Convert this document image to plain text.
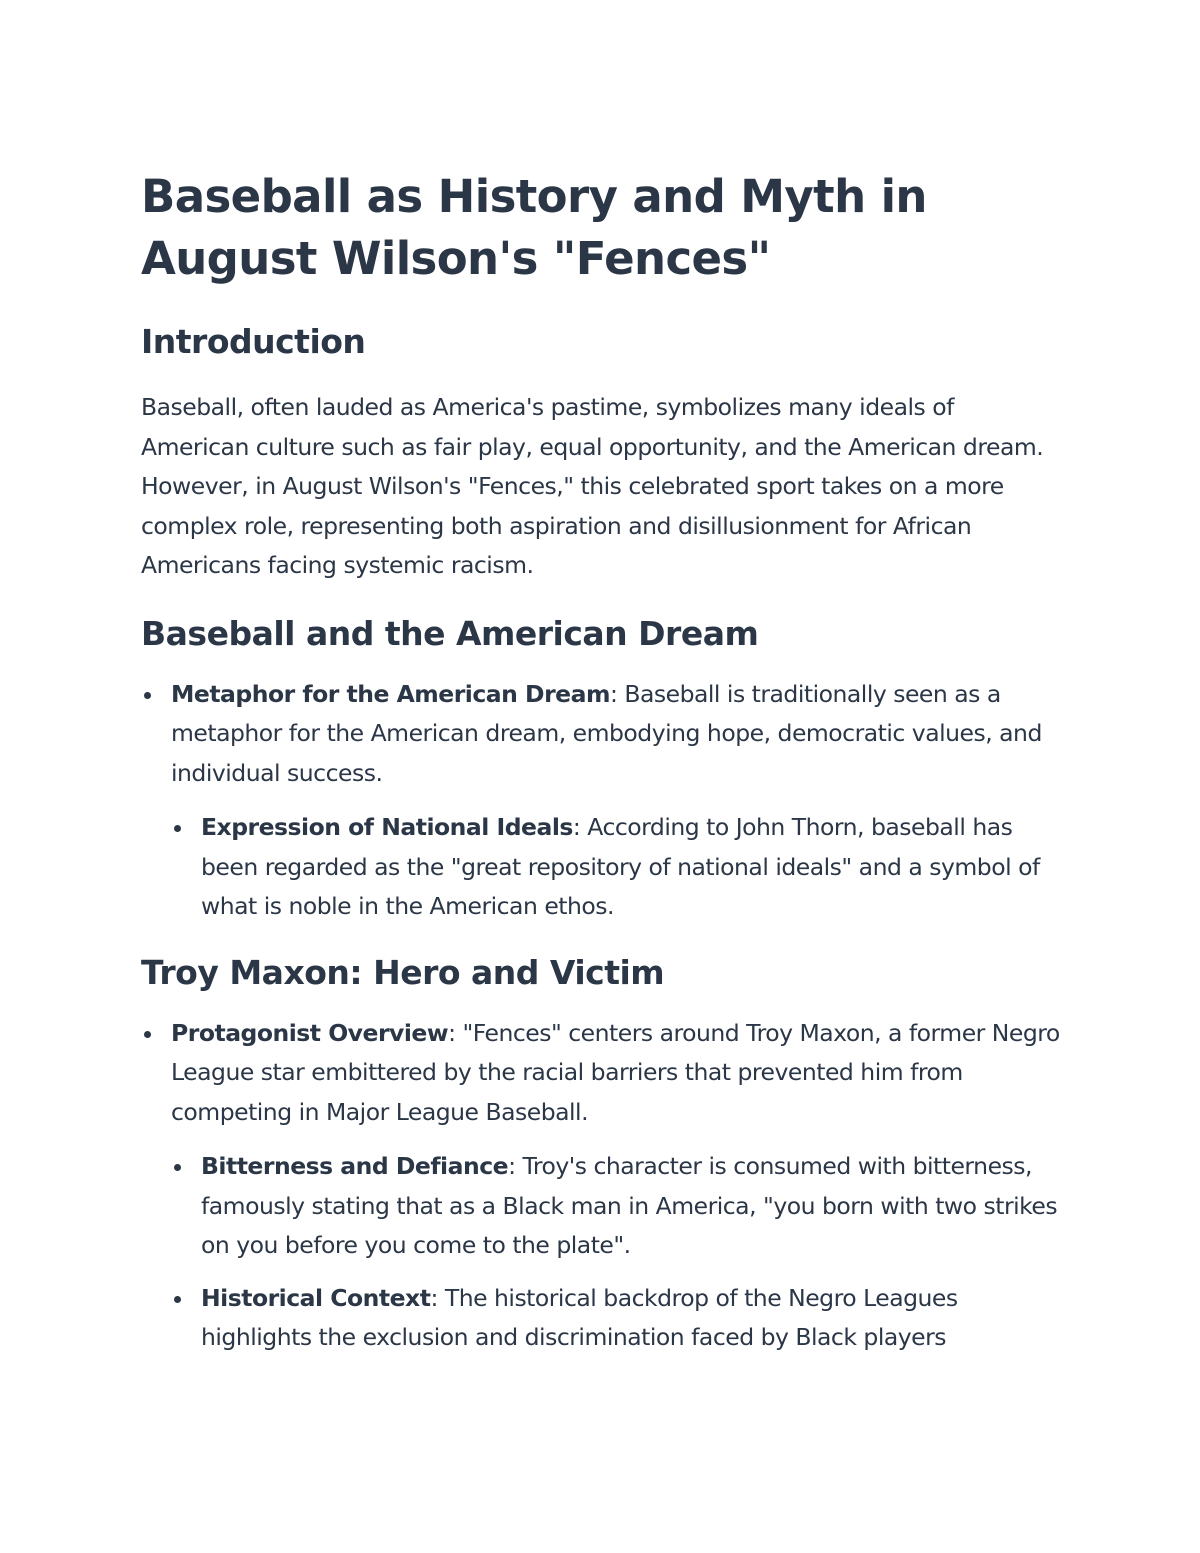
Baseball as History and Myth in August Wilson's "Fences"
Introduction

Baseball, often lauded as America's pastime, symbolizes many ideals of American culture such as fair play, equal opportunity, and the American dream. However, in August Wilson's "Fences," this celebrated sport takes on a more complex role, representing both aspiration and disillusionment for African Americans facing systemic racism.

Baseball and the American Dream
Metaphor for the American Dream: Baseball is traditionally seen as a metaphor for the American dream, embodying hope, democratic values, and individual success.
Expression of National Ideals: According to John Thorn, baseball has been regarded as the "great repository of national ideals" and a symbol of what is noble in the American ethos.
Troy Maxon: Hero and Victim
Protagonist Overview: "Fences" centers around Troy Maxon, a former Negro League star embittered by the racial barriers that prevented him from competing in Major League Baseball.
Bitterness and Defiance: Troy's character is consumed with bitterness, famously stating that as a Black man in America, "you born with two strikes on you before you come to the plate".
Historical Context: The historical backdrop of the Negro Leagues highlights the exclusion and discrimination faced by Black players
